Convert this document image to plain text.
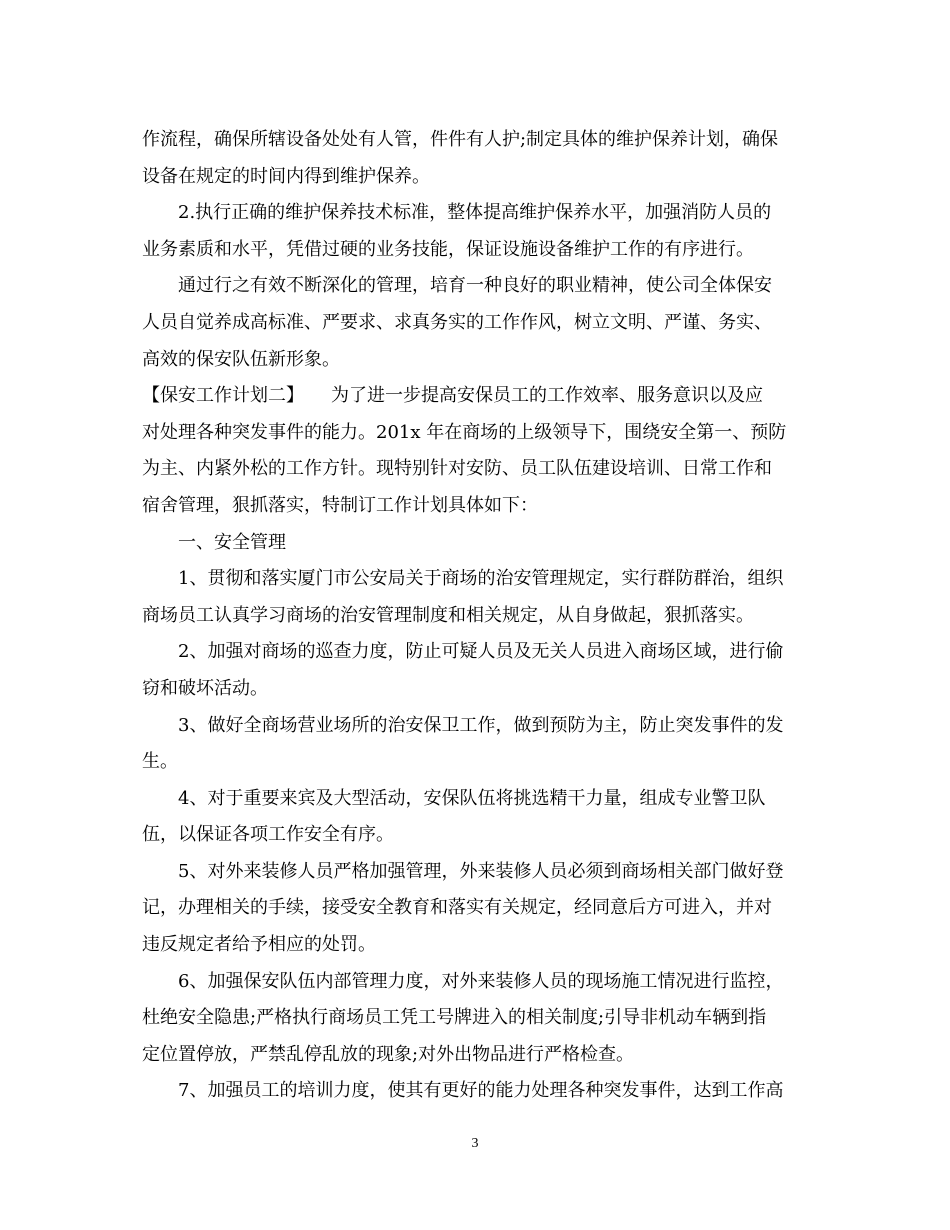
作流程，确保所辖设备处处有人管，件件有人护;制定具体的维护保养计划，确保
设备在规定的时间内得到维护保养。
2.执行正确的维护保养技术标准，整体提高维护保养水平，加强消防人员的
业务素质和水平，凭借过硬的业务技能，保证设施设备维护工作的有序进行。
通过行之有效不断深化的管理，培育一种良好的职业精神，使公司全体保安
人员自觉养成高标准、严要求、求真务实的工作作风，树立文明、严谨、务实、
高效的保安队伍新形象。
【保安工作计划二】　　为了进一步提高安保员工的工作效率、服务意识以及应
对处理各种突发事件的能力。201x 年在商场的上级领导下，围绕安全第一、预防
为主、内紧外松的工作方针。现特别针对安防、员工队伍建设培训、日常工作和
宿舍管理，狠抓落实，特制订工作计划具体如下：
一、安全管理
1、贯彻和落实厦门市公安局关于商场的治安管理规定，实行群防群治，组织
商场员工认真学习商场的治安管理制度和相关规定，从自身做起，狠抓落实。
2、加强对商场的巡查力度，防止可疑人员及无关人员进入商场区域，进行偷
窃和破坏活动。
3、做好全商场营业场所的治安保卫工作，做到预防为主，防止突发事件的发
生。
4、对于重要来宾及大型活动，安保队伍将挑选精干力量，组成专业警卫队
伍，以保证各项工作安全有序。
5、对外来装修人员严格加强管理，外来装修人员必须到商场相关部门做好登
记，办理相关的手续，接受安全教育和落实有关规定，经同意后方可进入，并对
违反规定者给予相应的处罚。
6、加强保安队伍内部管理力度，对外来装修人员的现场施工情况进行监控，
杜绝安全隐患;严格执行商场员工凭工号牌进入的相关制度;引导非机动车辆到指
定位置停放，严禁乱停乱放的现象;对外出物品进行严格检查。
7、加强员工的培训力度，使其有更好的能力处理各种突发事件，达到工作高
3
